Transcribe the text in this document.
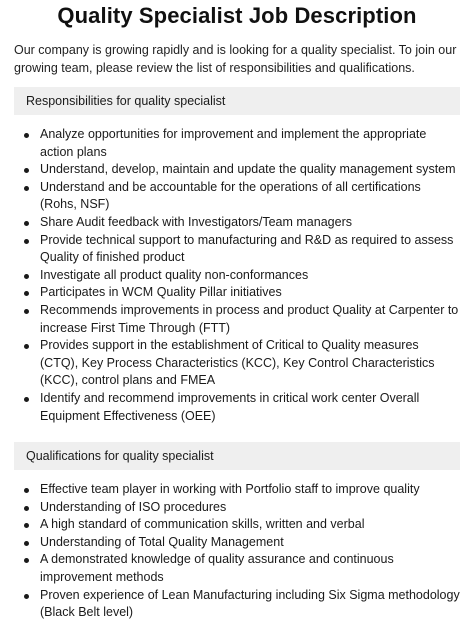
Quality Specialist Job Description

Our company is growing rapidly and is looking for a quality specialist. To join our growing team, please review the list of responsibilities and qualifications.

Responsibilities for quality specialist
Analyze opportunities for improvement and implement the appropriate action plans
Understand, develop, maintain and update the quality management system
Understand and be accountable for the operations of all certifications (Rohs, NSF)
Share Audit feedback with Investigators/Team managers
Provide technical support to manufacturing and R&D as required to assess Quality of finished product
Investigate all product quality non-conformances
Participates in WCM Quality Pillar initiatives
Recommends improvements in process and product Quality at Carpenter to increase First Time Through (FTT)
Provides support in the establishment of Critical to Quality measures (CTQ), Key Process Characteristics (KCC), Key Control Characteristics (KCC), control plans and FMEA
Identify and recommend improvements in critical work center Overall Equipment Effectiveness (OEE)
Qualifications for quality specialist
Effective team player in working with Portfolio staff to improve quality
Understanding of ISO procedures
A high standard of communication skills, written and verbal
Understanding of Total Quality Management
A demonstrated knowledge of quality assurance and continuous improvement methods
Proven experience of Lean Manufacturing including Six Sigma methodology (Black Belt level)
